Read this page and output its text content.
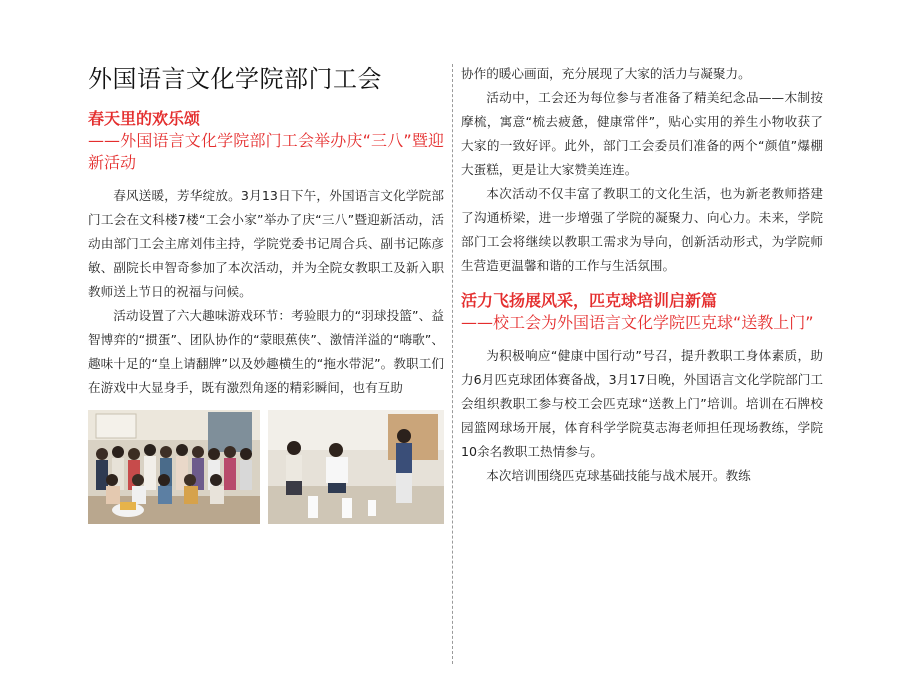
外国语言文化学院部门工会
春天里的欢乐颂
——外国语言文化学院部门工会举办庆“三八”暨迎新活动

春风送暖，芳华绽放。3月13日下午，外国语言文化学院部门工会在文科楼7楼“工会小家”举办了庆“三八”暨迎新活动，活动由部门工会主席刘伟主持，学院党委书记周合兵、副书记陈彦敏、副院长申智奇参加了本次活动，并为全院女教职工及新入职教师送上节日的祝福与问候。

活动设置了六大趣味游戏环节：考验眼力的“羽球投篮”、益智博弈的“掼蛋”、团队协作的“蒙眼蕉侠”、激情洋溢的“嗨歌”、趣味十足的“皇上请翻牌”以及妙趣横生的“拖水带泥”。教职工们在游戏中大显身手，既有激烈角逐的精彩瞬间，也有互助

协作的暖心画面，充分展现了大家的活力与凝聚力。

活动中，工会还为每位参与者准备了精美纪念品——木制按摩梳，寓意“梳去疲惫，健康常伴”，贴心实用的养生小物收获了大家的一致好评。此外，部门工会委员们准备的两个“颜值”爆棚大蛋糕，更是让大家赞美连连。

本次活动不仅丰富了教职工的文化生活，也为新老教师搭建了沟通桥梁，进一步增强了学院的凝聚力、向心力。未来，学院部门工会将继续以教职工需求为导向，创新活动形式，为学院师生营造更温馨和谐的工作与生活氛围。

活力飞扬展风采，匹克球培训启新篇
——校工会为外国语言文化学院匹克球“送教上门”

为积极响应“健康中国行动”号召，提升教职工身体素质，助力6月匹克球团体赛备战，3月17日晚，外国语言文化学院部门工会组织教职工参与校工会匹克球“送教上门”培训。培训在石牌校园篮网球场开展，体育科学学院莫志海老师担任现场教练，学院10余名教职工热情参与。

本次培训围绕匹克球基础技能与战术展开。教练
